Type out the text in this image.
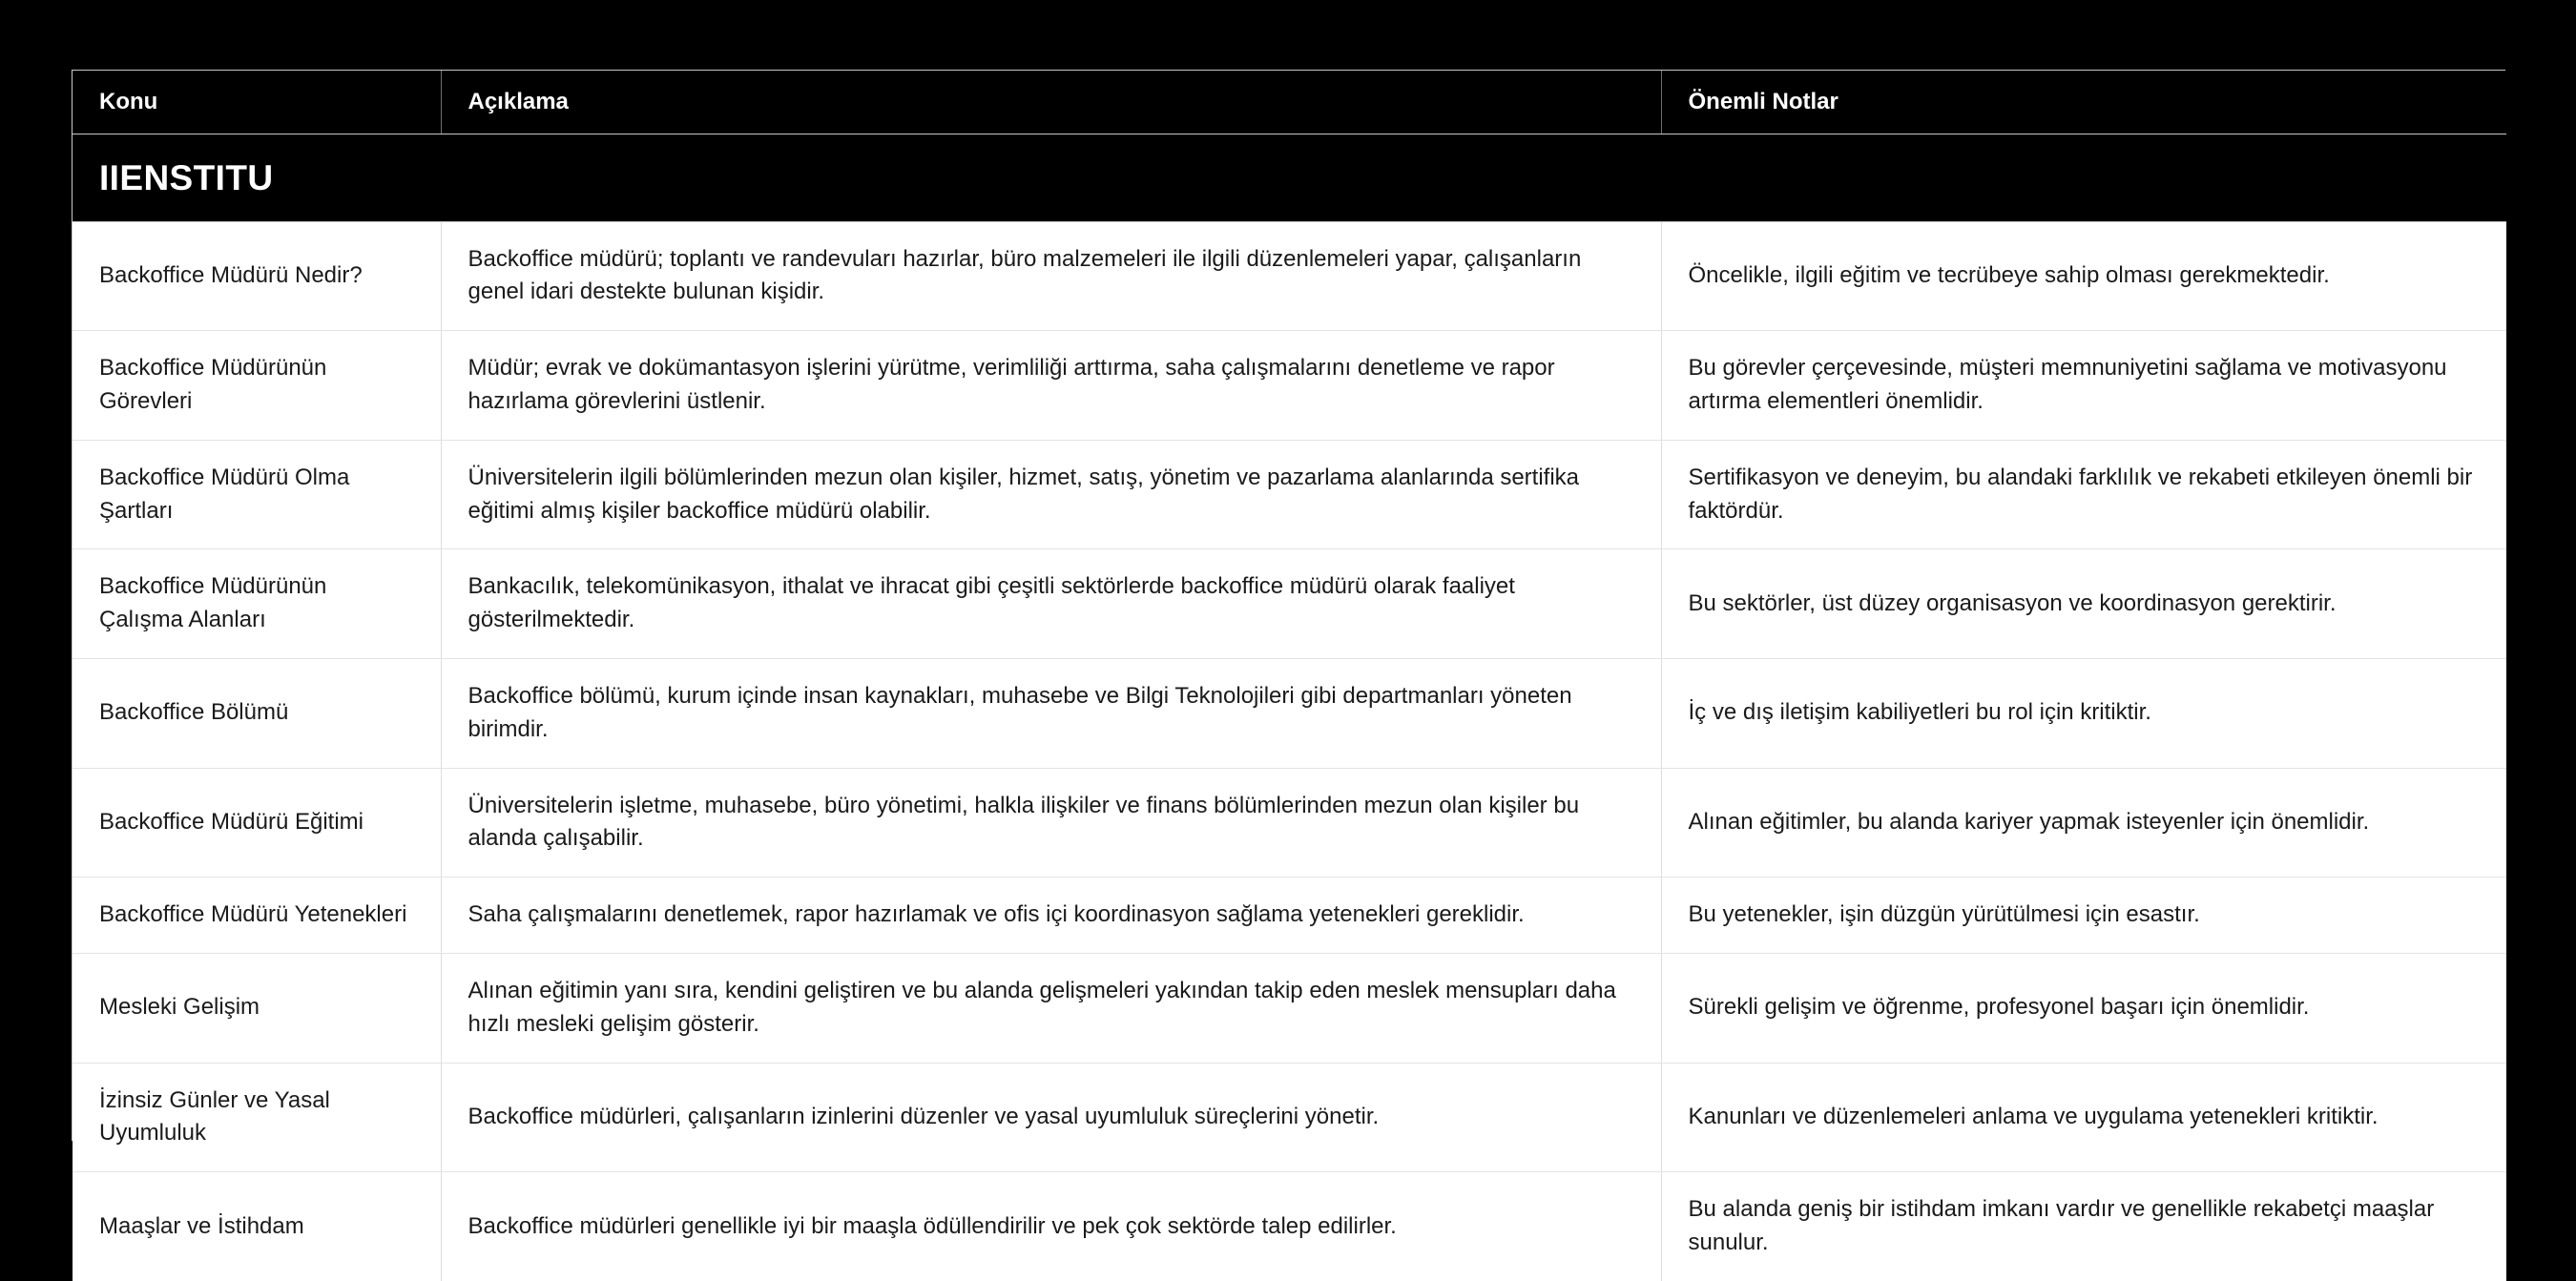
IIENSTITU		

Konu	Açıklama	Önemli Notlar
Backoffice Müdürü Nedir?	Backoffice müdürü; toplantı ve randevuları hazırlar, büro malzemeleri ile ilgili düzenlemeleri yapar, çalışanların genel idari destekte bulunan kişidir.	Öncelikle, ilgili eğitim ve tecrübeye sahip olması gerekmektedir.
Backoffice Müdürünün Görevleri	Müdür; evrak ve dokümantasyon işlerini yürütme, verimliliği arttırma, saha çalışmalarını denetleme ve rapor hazırlama görevlerini üstlenir.	Bu görevler çerçevesinde, müşteri memnuniyetini sağlama ve motivasyonu artırma elementleri önemlidir.
Backoffice Müdürü Olma Şartları	Üniversitelerin ilgili bölümlerinden mezun olan kişiler, hizmet, satış, yönetim ve pazarlama alanlarında sertifika eğitimi almış kişiler backoffice müdürü olabilir.	Sertifikasyon ve deneyim, bu alandaki farklılık ve rekabeti etkileyen önemli bir faktördür.
Backoffice Müdürünün Çalışma Alanları	Bankacılık, telekomünikasyon, ithalat ve ihracat gibi çeşitli sektörlerde backoffice müdürü olarak faaliyet gösterilmektedir.	Bu sektörler, üst düzey organisasyon ve koordinasyon gerektirir.
Backoffice Bölümü	Backoffice bölümü, kurum içinde insan kaynakları, muhasebe ve Bilgi Teknolojileri gibi departmanları yöneten birimdir.	İç ve dış iletişim kabiliyetleri bu rol için kritiktir.
Backoffice Müdürü Eğitimi	Üniversitelerin işletme, muhasebe, büro yönetimi, halkla ilişkiler ve finans bölümlerinden mezun olan kişiler bu alanda çalışabilir.	Alınan eğitimler, bu alanda kariyer yapmak isteyenler için önemlidir.
Backoffice Müdürü Yetenekleri	Saha çalışmalarını denetlemek, rapor hazırlamak ve ofis içi koordinasyon sağlama yetenekleri gereklidir.	Bu yetenekler, işin düzgün yürütülmesi için esastır.
Mesleki Gelişim	Alınan eğitimin yanı sıra, kendini geliştiren ve bu alanda gelişmeleri yakından takip eden meslek mensupları daha hızlı mesleki gelişim gösterir.	Sürekli gelişim ve öğrenme, profesyonel başarı için önemlidir.
İzinsiz Günler ve Yasal Uyumluluk	Backoffice müdürleri, çalışanların izinlerini düzenler ve yasal uyumluluk süreçlerini yönetir.	Kanunları ve düzenlemeleri anlama ve uygulama yetenekleri kritiktir.
Maaşlar ve İstihdam	Backoffice müdürleri genellikle iyi bir maaşla ödüllendirilir ve pek çok sektörde talep edilirler.	Bu alanda geniş bir istihdam imkanı vardır ve genellikle rekabetçi maaşlar sunulur.
